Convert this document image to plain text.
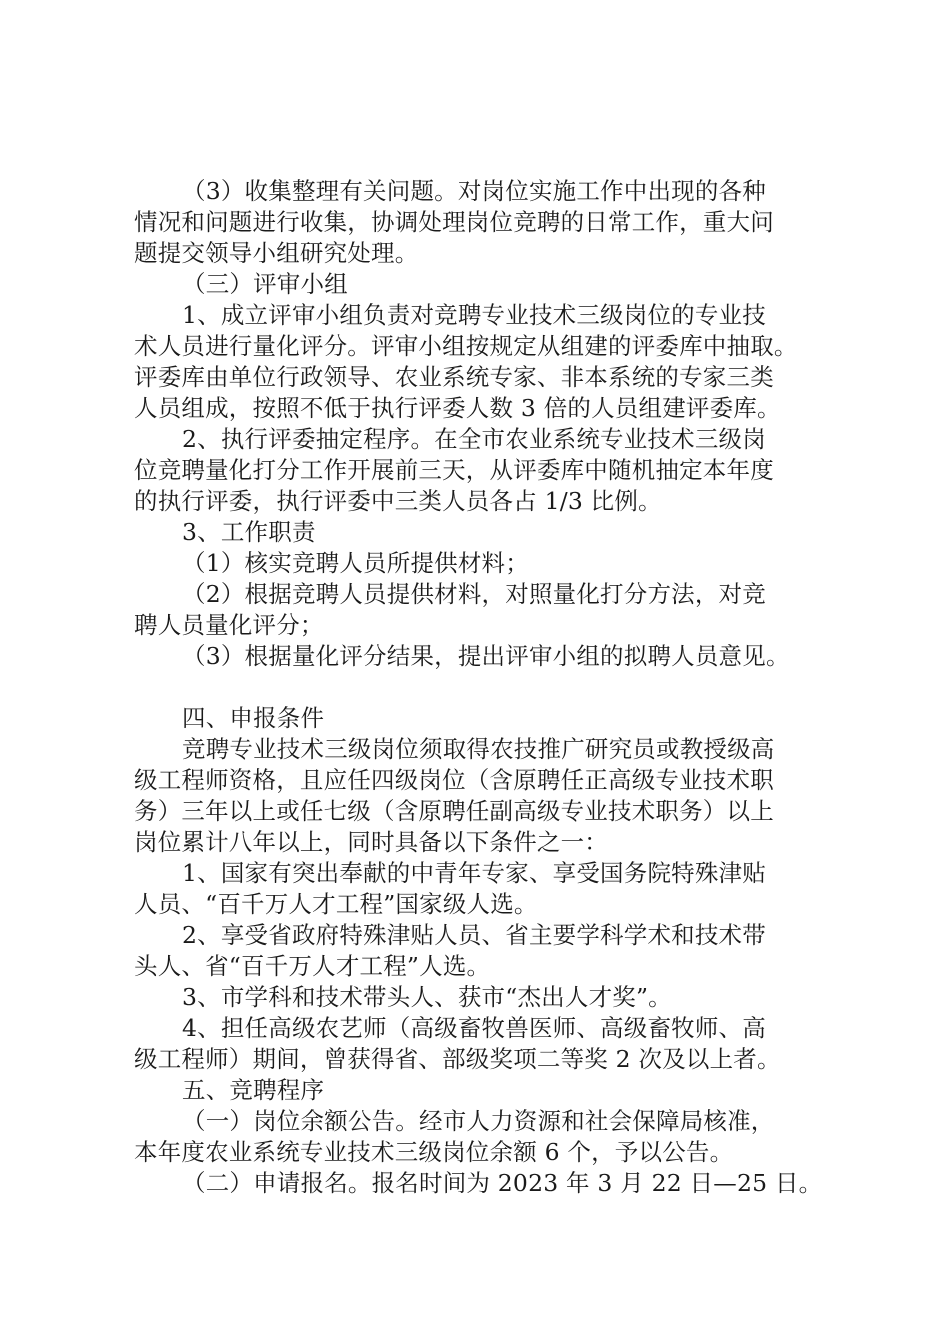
（3）收集整理有关问题。对岗位实施工作中出现的各种
情况和问题进行收集，协调处理岗位竞聘的日常工作，重大问
题提交领导小组研究处理。
（三）评审小组
1、成立评审小组负责对竞聘专业技术三级岗位的专业技
术人员进行量化评分。评审小组按规定从组建的评委库中抽取。
评委库由单位行政领导、农业系统专家、非本系统的专家三类
人员组成，按照不低于执行评委人数 3 倍的人员组建评委库。
2、执行评委抽定程序。在全市农业系统专业技术三级岗
位竞聘量化打分工作开展前三天，从评委库中随机抽定本年度
的执行评委，执行评委中三类人员各占 1/3 比例。
3、工作职责
（1）核实竞聘人员所提供材料；
（2）根据竞聘人员提供材料，对照量化打分方法，对竞
聘人员量化评分；
（3）根据量化评分结果，提出评审小组的拟聘人员意见。
四、申报条件
竞聘专业技术三级岗位须取得农技推广研究员或教授级高
级工程师资格，且应任四级岗位（含原聘任正高级专业技术职
务）三年以上或任七级（含原聘任副高级专业技术职务）以上
岗位累计八年以上，同时具备以下条件之一：
1、国家有突出奉献的中青年专家、享受国务院特殊津贴
人员、“百千万人才工程”国家级人选。
2、享受省政府特殊津贴人员、省主要学科学术和技术带
头人、省“百千万人才工程”人选。
3、市学科和技术带头人、获市“杰出人才奖”。
4、担任高级农艺师（高级畜牧兽医师、高级畜牧师、高
级工程师）期间，曾获得省、部级奖项二等奖 2 次及以上者。
五、竞聘程序
（一）岗位余额公告。经市人力资源和社会保障局核准，
本年度农业系统专业技术三级岗位余额 6 个，予以公告。
（二）申请报名。报名时间为 2023 年 3 月 22 日—25 日。
